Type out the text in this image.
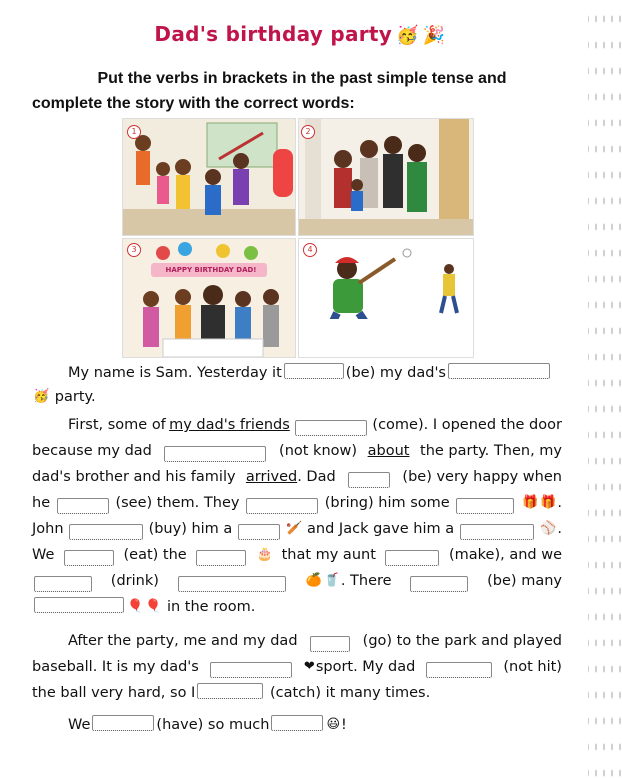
Dad's birthday party 🥳 🎉
Put the verbs in brackets in the past simple tense and
complete the story with the correct words:
1	2
3
HAPPY BIRTHDAY DAD!
4
My name is Sam. Yesterday it	(be) my dad's
🥳 party.
First, some of my dad's friends	(come). I opened the door
because my dad	(not know) about the party. Then, my
dad's brother and his family arrived. Dad	(be) very happy when
he	(see) them. They	(bring) him some	🎁 🎁.
John	(buy) him a	🏏 and Jack gave him a	⚾.
We	(eat) the	🎂 that my aunt	(make), and we
(drink)	🍊 🥤. There	(be) many
🎈 🎈 in the room.
After the party, me and my dad	(go) to the park and played
baseball. It is my dad's	❤sport. My dad	(not hit)
the ball very hard, so I	(catch) it many times.
We	(have) so much	😃!
